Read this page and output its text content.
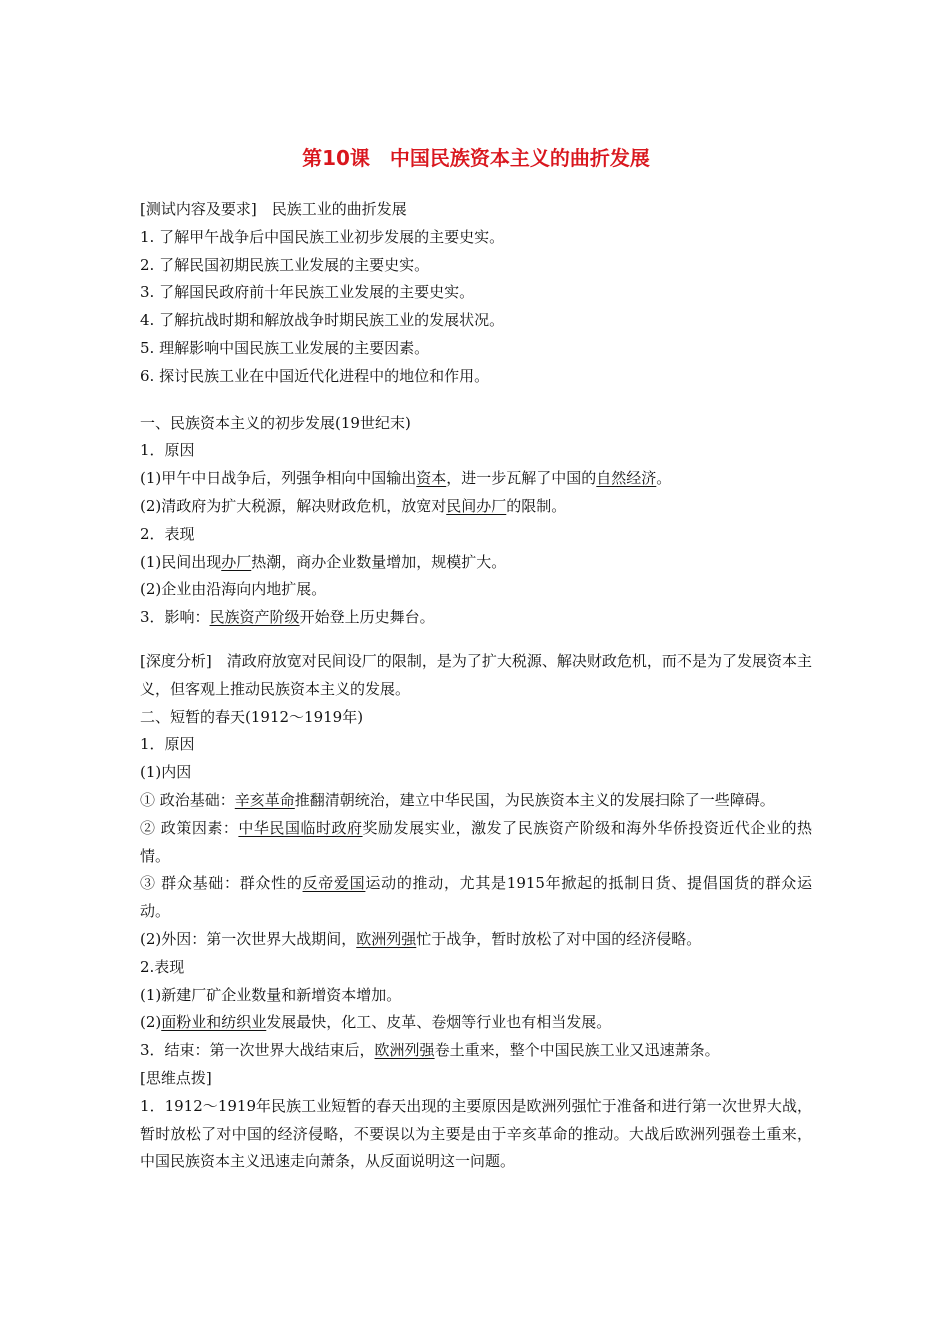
第10课　中国民族资本主义的曲折发展
[测试内容及要求]　民族工业的曲折发展
1. 了解甲午战争后中国民族工业初步发展的主要史实。
2. 了解民国初期民族工业发展的主要史实。
3. 了解国民政府前十年民族工业发展的主要史实。
4. 了解抗战时期和解放战争时期民族工业的发展状况。
5. 理解影响中国民族工业发展的主要因素。
6. 探讨民族工业在中国近代化进程中的地位和作用。
一、民族资本主义的初步发展(19世纪末)
1．原因
(1)甲午中日战争后，列强争相向中国输出资本，进一步瓦解了中国的自然经济。
(2)清政府为扩大税源，解决财政危机，放宽对民间办厂的限制。
2．表现
(1)民间出现办厂热潮，商办企业数量增加，规模扩大。
(2)企业由沿海向内地扩展。
3．影响：民族资产阶级开始登上历史舞台。
[深度分析]　清政府放宽对民间设厂的限制，是为了扩大税源、解决财政危机，而不是为了发展资本主义，但客观上推动民族资本主义的发展。
二、短暂的春天(1912～1919年)
1．原因
(1)内因
① 政治基础：辛亥革命推翻清朝统治，建立中华民国，为民族资本主义的发展扫除了一些障碍。
② 政策因素：中华民国临时政府奖励发展实业，激发了民族资产阶级和海外华侨投资近代企业的热情。
③ 群众基础：群众性的反帝爱国运动的推动，尤其是1915年掀起的抵制日货、提倡国货的群众运动。
(2)外因：第一次世界大战期间，欧洲列强忙于战争，暂时放松了对中国的经济侵略。
2.表现
(1)新建厂矿企业数量和新增资本增加。
(2)面粉业和纺织业发展最快，化工、皮革、卷烟等行业也有相当发展。
3．结束：第一次世界大战结束后，欧洲列强卷土重来，整个中国民族工业又迅速萧条。
[思维点拨]
1．1912～1919年民族工业短暂的春天出现的主要原因是欧洲列强忙于准备和进行第一次世界大战，暂时放松了对中国的经济侵略，不要误以为主要是由于辛亥革命的推动。大战后欧洲列强卷土重来，中国民族资本主义迅速走向萧条，从反面说明这一问题。
